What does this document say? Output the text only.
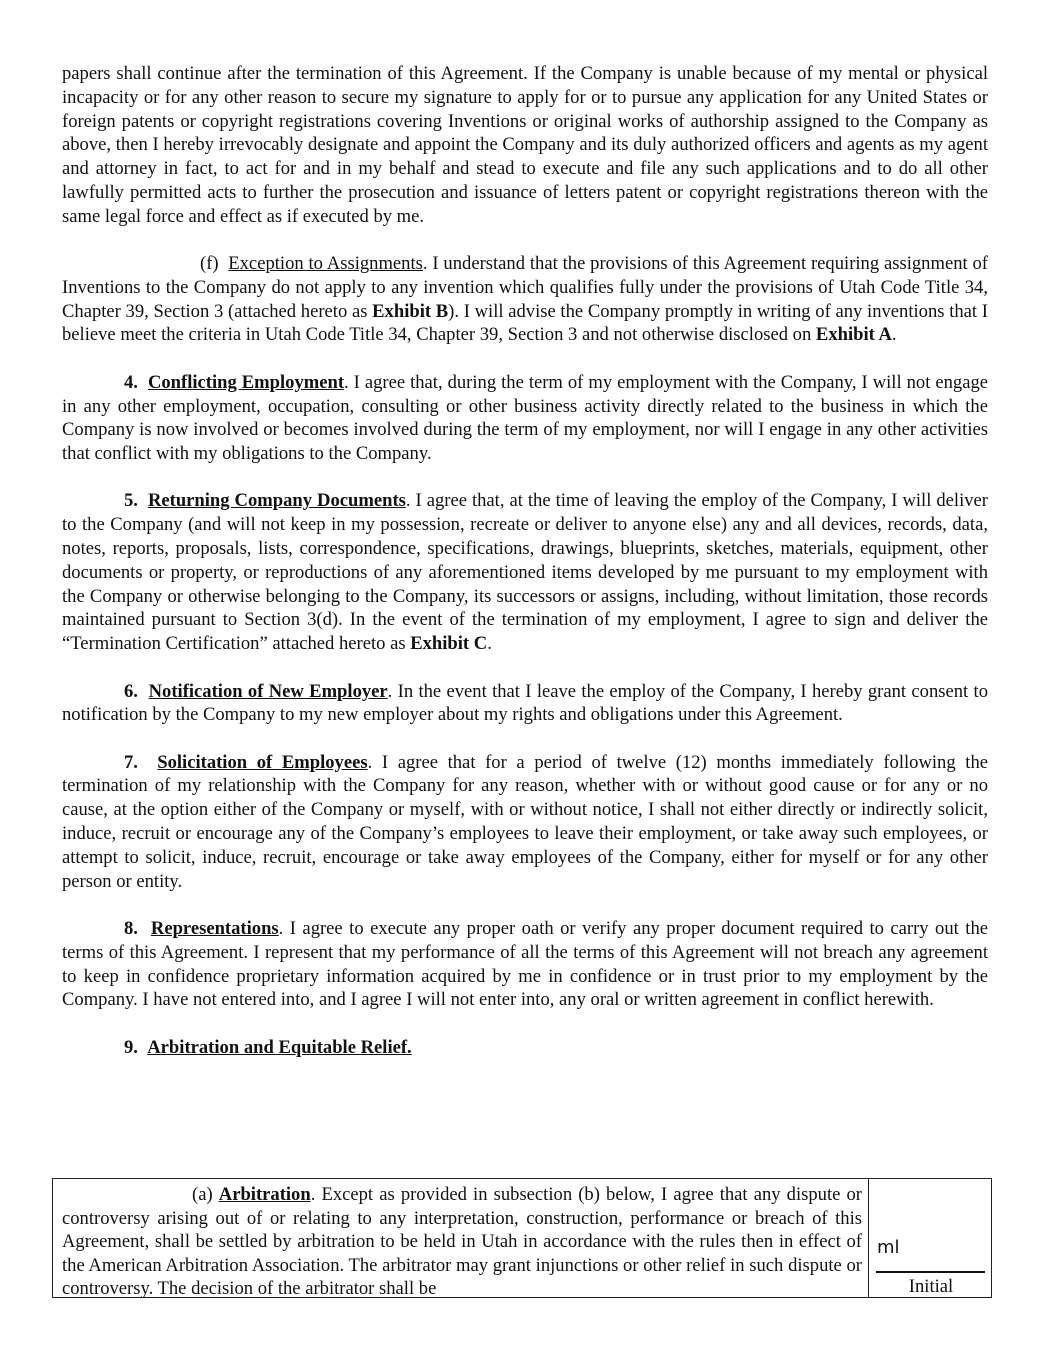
papers shall continue after the termination of this Agreement. If the Company is unable because of my mental or physical incapacity or for any other reason to secure my signature to apply for or to pursue any application for any United States or foreign patents or copyright registrations covering Inventions or original works of authorship assigned to the Company as above, then I hereby irrevocably designate and appoint the Company and its duly authorized officers and agents as my agent and attorney in fact, to act for and in my behalf and stead to execute and file any such applications and to do all other lawfully permitted acts to further the prosecution and issuance of letters patent or copyright registrations thereon with the same legal force and effect as if executed by me.

(f) Exception to Assignments. I understand that the provisions of this Agreement requiring assignment of Inventions to the Company do not apply to any invention which qualifies fully under the provisions of Utah Code Title 34, Chapter 39, Section 3 (attached hereto as Exhibit B). I will advise the Company promptly in writing of any inventions that I believe meet the criteria in Utah Code Title 34, Chapter 39, Section 3 and not otherwise disclosed on Exhibit A.

4. Conflicting Employment. I agree that, during the term of my employment with the Company, I will not engage in any other employment, occupation, consulting or other business activity directly related to the business in which the Company is now involved or becomes involved during the term of my employment, nor will I engage in any other activities that conflict with my obligations to the Company.

5. Returning Company Documents. I agree that, at the time of leaving the employ of the Company, I will deliver to the Company (and will not keep in my possession, recreate or deliver to anyone else) any and all devices, records, data, notes, reports, proposals, lists, correspondence, specifications, drawings, blueprints, sketches, materials, equipment, other documents or property, or reproductions of any aforementioned items developed by me pursuant to my employment with the Company or otherwise belonging to the Company, its successors or assigns, including, without limitation, those records maintained pursuant to Section 3(d). In the event of the termination of my employment, I agree to sign and deliver the “Termination Certification” attached hereto as Exhibit C.

6. Notification of New Employer. In the event that I leave the employ of the Company, I hereby grant consent to notification by the Company to my new employer about my rights and obligations under this Agreement.

7. Solicitation of Employees. I agree that for a period of twelve (12) months immediately following the termination of my relationship with the Company for any reason, whether with or without good cause or for any or no cause, at the option either of the Company or myself, with or without notice, I shall not either directly or indirectly solicit, induce, recruit or encourage any of the Company’s employees to leave their employment, or take away such employees, or attempt to solicit, induce, recruit, encourage or take away employees of the Company, either for myself or for any other person or entity.

8. Representations. I agree to execute any proper oath or verify any proper document required to carry out the terms of this Agreement. I represent that my performance of all the terms of this Agreement will not breach any agreement to keep in confidence proprietary information acquired by me in confidence or in trust prior to my employment by the Company. I have not entered into, and I agree I will not enter into, any oral or written agreement in conflict herewith.

9. Arbitration and Equitable Relief.

(a) Arbitration. Except as provided in subsection (b) below, I agree that any dispute or controversy arising out of or relating to any interpretation, construction, performance or breach of this Agreement, shall be settled by arbitration to be held in Utah in accordance with the rules then in effect of the American Arbitration Association. The arbitrator may grant injunctions or other relief in such dispute or controversy. The decision of the arbitrator shall be

ml
Initial
